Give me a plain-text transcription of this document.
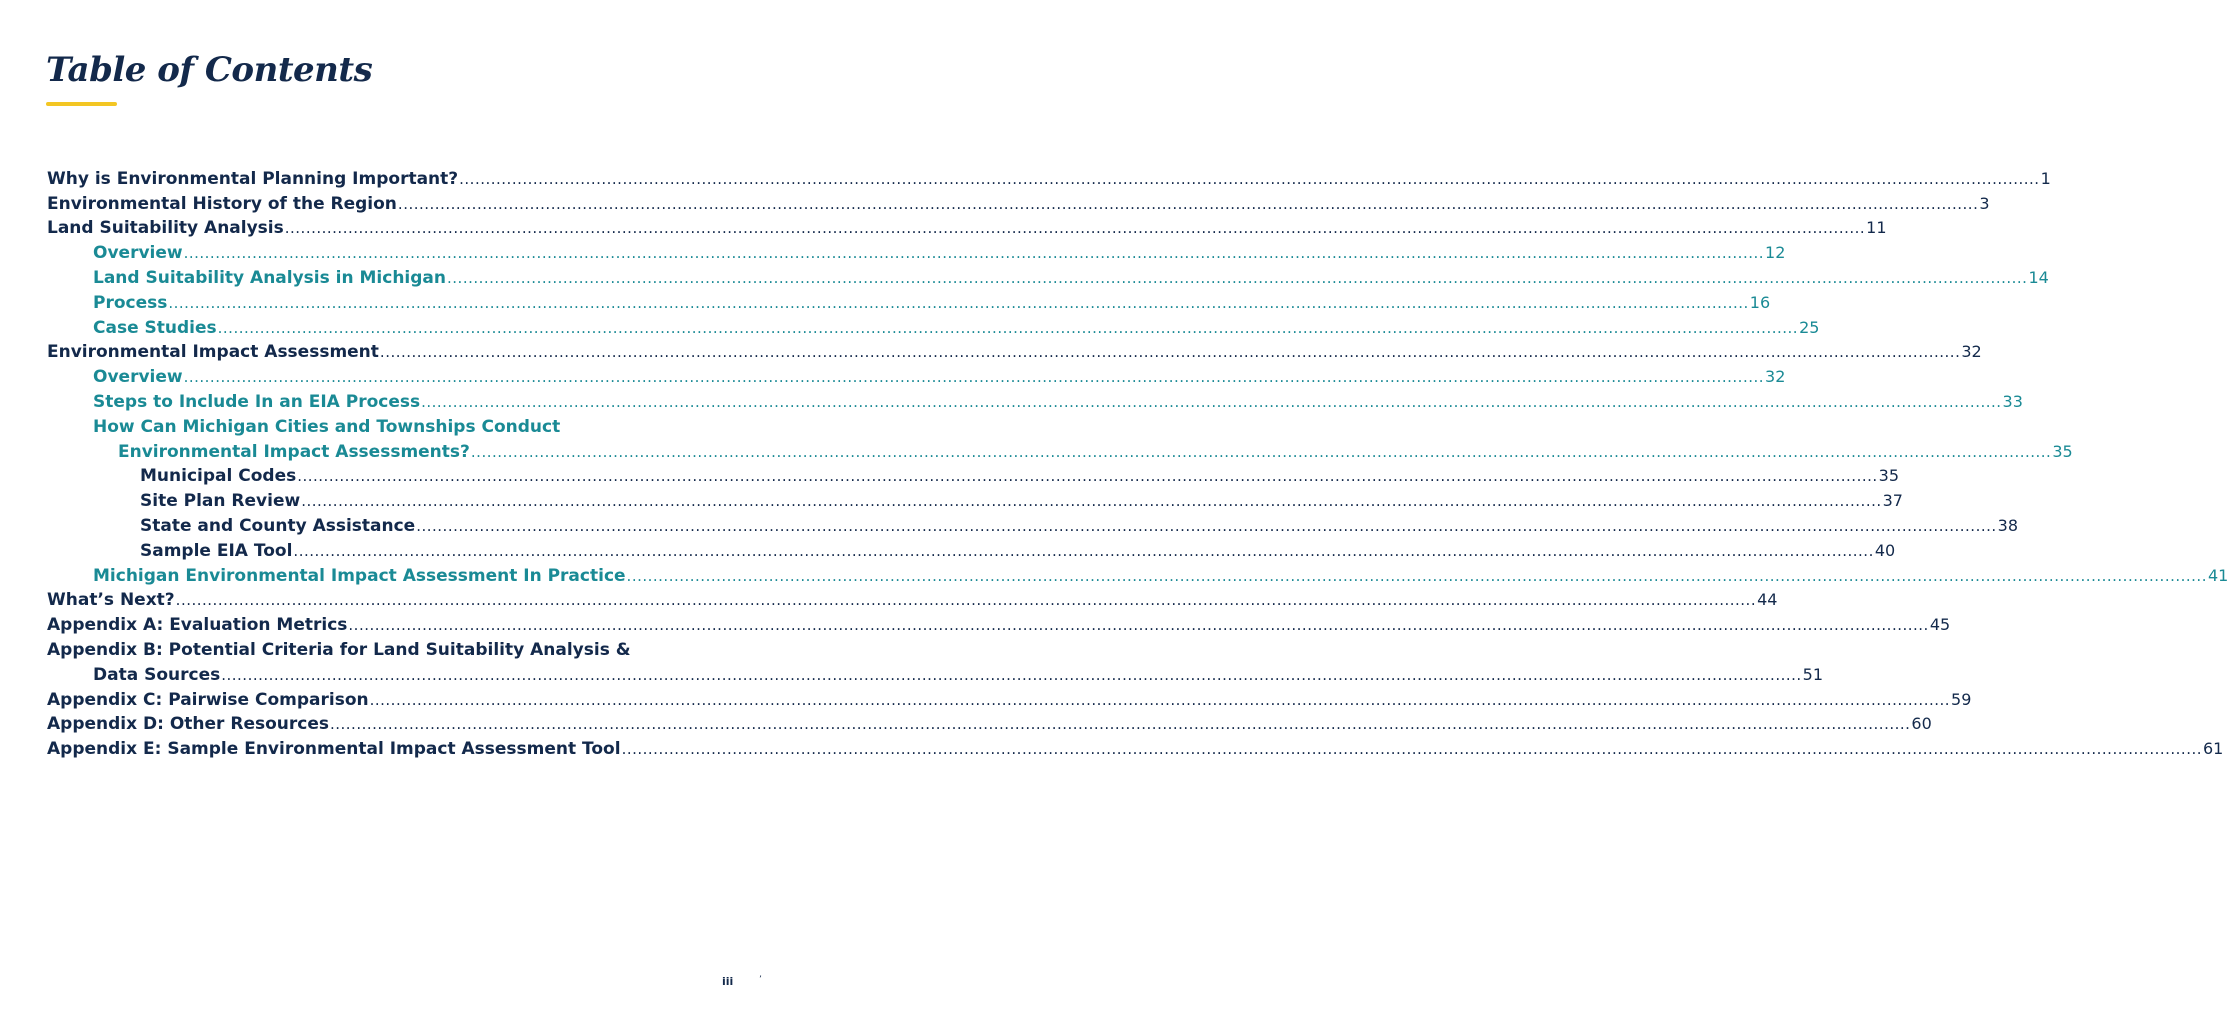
Table of Contents
Why is Environmental Planning Important? ............................................................................................................................................................................................................................................................................................................ 1
Environmental History of the Region ............................................................................................................................................................................................................................................................................................................ 3
Land Suitability Analysis ............................................................................................................................................................................................................................................................................................................ 11
Overview ............................................................................................................................................................................................................................................................................................................ 12
Land Suitability Analysis in Michigan ............................................................................................................................................................................................................................................................................................................ 14
Process ............................................................................................................................................................................................................................................................................................................ 16
Case Studies ............................................................................................................................................................................................................................................................................................................ 25
Environmental Impact Assessment ............................................................................................................................................................................................................................................................................................................ 32
Overview ............................................................................................................................................................................................................................................................................................................ 32
Steps to Include In an EIA Process ............................................................................................................................................................................................................................................................................................................ 33
How Can Michigan Cities and Townships Conduct
Environmental Impact Assessments? ............................................................................................................................................................................................................................................................................................................ 35
Municipal Codes ............................................................................................................................................................................................................................................................................................................ 35
Site Plan Review ............................................................................................................................................................................................................................................................................................................ 37
State and County Assistance ............................................................................................................................................................................................................................................................................................................ 38
Sample EIA Tool ............................................................................................................................................................................................................................................................................................................ 40
Michigan Environmental Impact Assessment In Practice ............................................................................................................................................................................................................................................................................................................ 41
What’s Next? ............................................................................................................................................................................................................................................................................................................ 44
Appendix A: Evaluation Metrics ............................................................................................................................................................................................................................................................................................................ 45
Appendix B: Potential Criteria for Land Suitability Analysis &
Data Sources ............................................................................................................................................................................................................................................................................................................ 51
Appendix C: Pairwise Comparison ............................................................................................................................................................................................................................................................................................................ 59
Appendix D: Other Resources ............................................................................................................................................................................................................................................................................................................ 60
Appendix E: Sample Environmental Impact Assessment Tool ............................................................................................................................................................................................................................................................................................................ 61
iii	’
